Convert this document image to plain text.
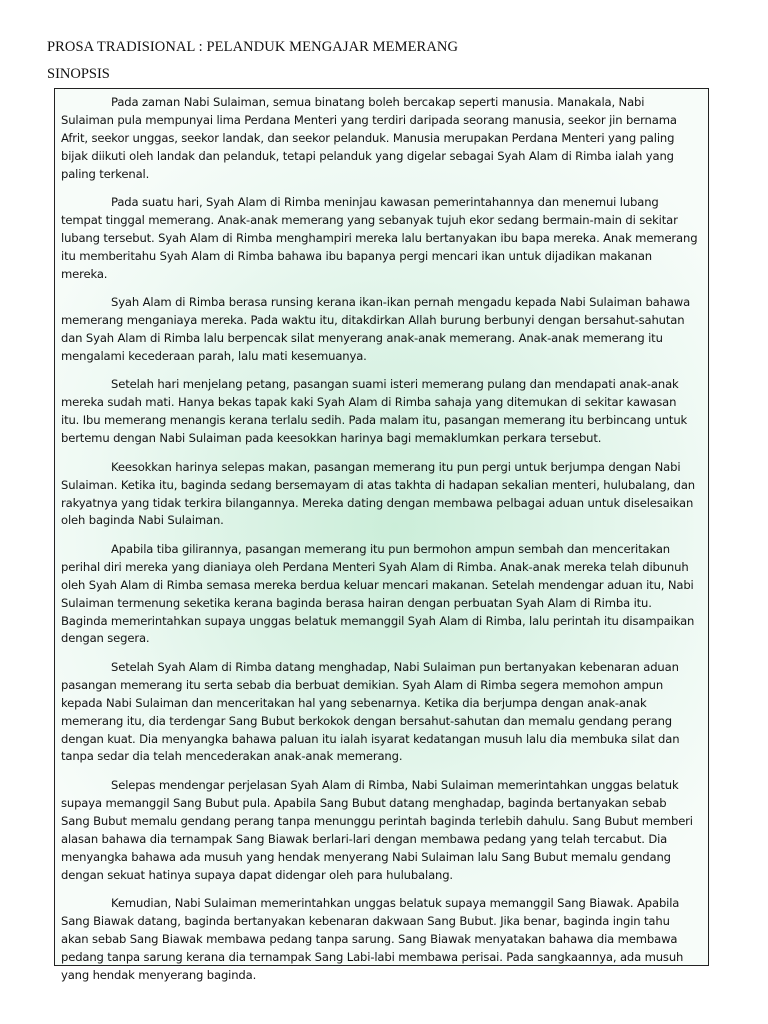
PROSA TRADISIONAL : PELANDUK MENGAJAR MEMERANG
SINOPSIS

Pada zaman Nabi Sulaiman, semua binatang boleh bercakap seperti manusia. Manakala, Nabi Sulaiman pula mempunyai lima Perdana Menteri yang terdiri daripada seorang manusia, seekor jin bernama Afrit, seekor unggas, seekor landak, dan seekor pelanduk. Manusia merupakan Perdana Menteri yang paling bijak diikuti oleh landak dan pelanduk, tetapi pelanduk yang digelar sebagai Syah Alam di Rimba ialah yang paling terkenal.

Pada suatu hari, Syah Alam di Rimba meninjau kawasan pemerintahannya dan menemui lubang tempat tinggal memerang. Anak-anak memerang yang sebanyak tujuh ekor sedang bermain-main di sekitar lubang tersebut. Syah Alam di Rimba menghampiri mereka lalu bertanyakan ibu bapa mereka. Anak memerang itu memberitahu Syah Alam di Rimba bahawa ibu bapanya pergi mencari ikan untuk dijadikan makanan mereka.

Syah Alam di Rimba berasa runsing kerana ikan-ikan pernah mengadu kepada Nabi Sulaiman bahawa memerang menganiaya mereka. Pada waktu itu, ditakdirkan Allah burung berbunyi dengan bersahut-sahutan dan Syah Alam di Rimba lalu berpencak silat menyerang anak-anak memerang. Anak-anak memerang itu mengalami kecederaan parah, lalu mati kesemuanya.

Setelah hari menjelang petang, pasangan suami isteri memerang pulang dan mendapati anak-anak mereka sudah mati. Hanya bekas tapak kaki Syah Alam di Rimba sahaja yang ditemukan di sekitar kawasan itu. Ibu memerang menangis kerana terlalu sedih. Pada malam itu, pasangan memerang itu berbincang untuk bertemu dengan Nabi Sulaiman pada keesokkan harinya bagi memaklumkan perkara tersebut.

Keesokkan harinya selepas makan, pasangan memerang itu pun pergi untuk berjumpa dengan Nabi Sulaiman. Ketika itu, baginda sedang bersemayam di atas takhta di hadapan sekalian menteri, hulubalang, dan rakyatnya yang tidak terkira bilangannya. Mereka dating dengan membawa pelbagai aduan untuk diselesaikan oleh baginda Nabi Sulaiman.

Apabila tiba gilirannya, pasangan memerang itu pun bermohon ampun sembah dan menceritakan perihal diri mereka yang dianiaya oleh Perdana Menteri Syah Alam di Rimba. Anak-anak mereka telah dibunuh oleh Syah Alam di Rimba semasa mereka berdua keluar mencari makanan. Setelah mendengar aduan itu, Nabi Sulaiman termenung seketika kerana baginda berasa hairan dengan perbuatan Syah Alam di Rimba itu. Baginda memerintahkan supaya unggas belatuk memanggil Syah Alam di Rimba, lalu perintah itu disampaikan dengan segera.

Setelah Syah Alam di Rimba datang menghadap, Nabi Sulaiman pun bertanyakan kebenaran aduan pasangan memerang itu serta sebab dia berbuat demikian. Syah Alam di Rimba segera memohon ampun kepada Nabi Sulaiman dan menceritakan hal yang sebenarnya. Ketika dia berjumpa dengan anak-anak memerang itu, dia terdengar Sang Bubut berkokok dengan bersahut-sahutan dan memalu gendang perang dengan kuat. Dia menyangka bahawa paluan itu ialah isyarat kedatangan musuh lalu dia membuka silat dan tanpa sedar dia telah mencederakan anak-anak memerang.

Selepas mendengar perjelasan Syah Alam di Rimba, Nabi Sulaiman memerintahkan unggas belatuk supaya memanggil Sang Bubut pula. Apabila Sang Bubut datang menghadap, baginda bertanyakan sebab Sang Bubut memalu gendang perang tanpa menunggu perintah baginda terlebih dahulu. Sang Bubut memberi alasan bahawa dia ternampak Sang Biawak berlari-lari dengan membawa pedang yang telah tercabut. Dia menyangka bahawa ada musuh yang hendak menyerang Nabi Sulaiman lalu Sang Bubut memalu gendang dengan sekuat hatinya supaya dapat didengar oleh para hulubalang.

Kemudian, Nabi Sulaiman memerintahkan unggas belatuk supaya memanggil Sang Biawak. Apabila Sang Biawak datang, baginda bertanyakan kebenaran dakwaan Sang Bubut. Jika benar, baginda ingin tahu akan sebab Sang Biawak membawa pedang tanpa sarung. Sang Biawak menyatakan bahawa dia membawa pedang tanpa sarung kerana dia ternampak Sang Labi-labi membawa perisai. Pada sangkaannya, ada musuh yang hendak menyerang baginda.
